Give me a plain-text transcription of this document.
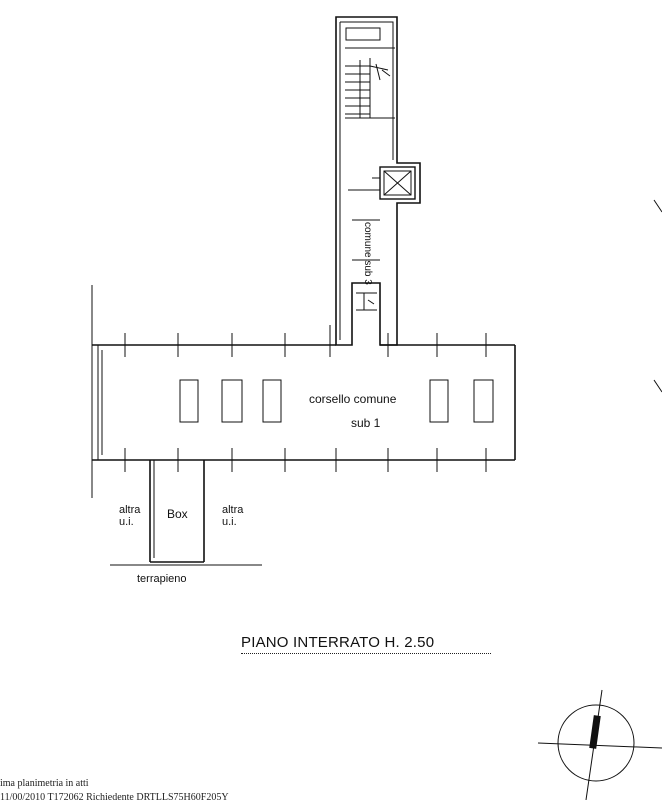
comune sub 3
corsello comune
sub 1
Box
altra
u.i.
altra
u.i.
terrapieno
PIANO INTERRATO H. 2.50
ima planimetria in atti
11/00/2010 T172062 Richiedente DRTLLS75H60F205Y
